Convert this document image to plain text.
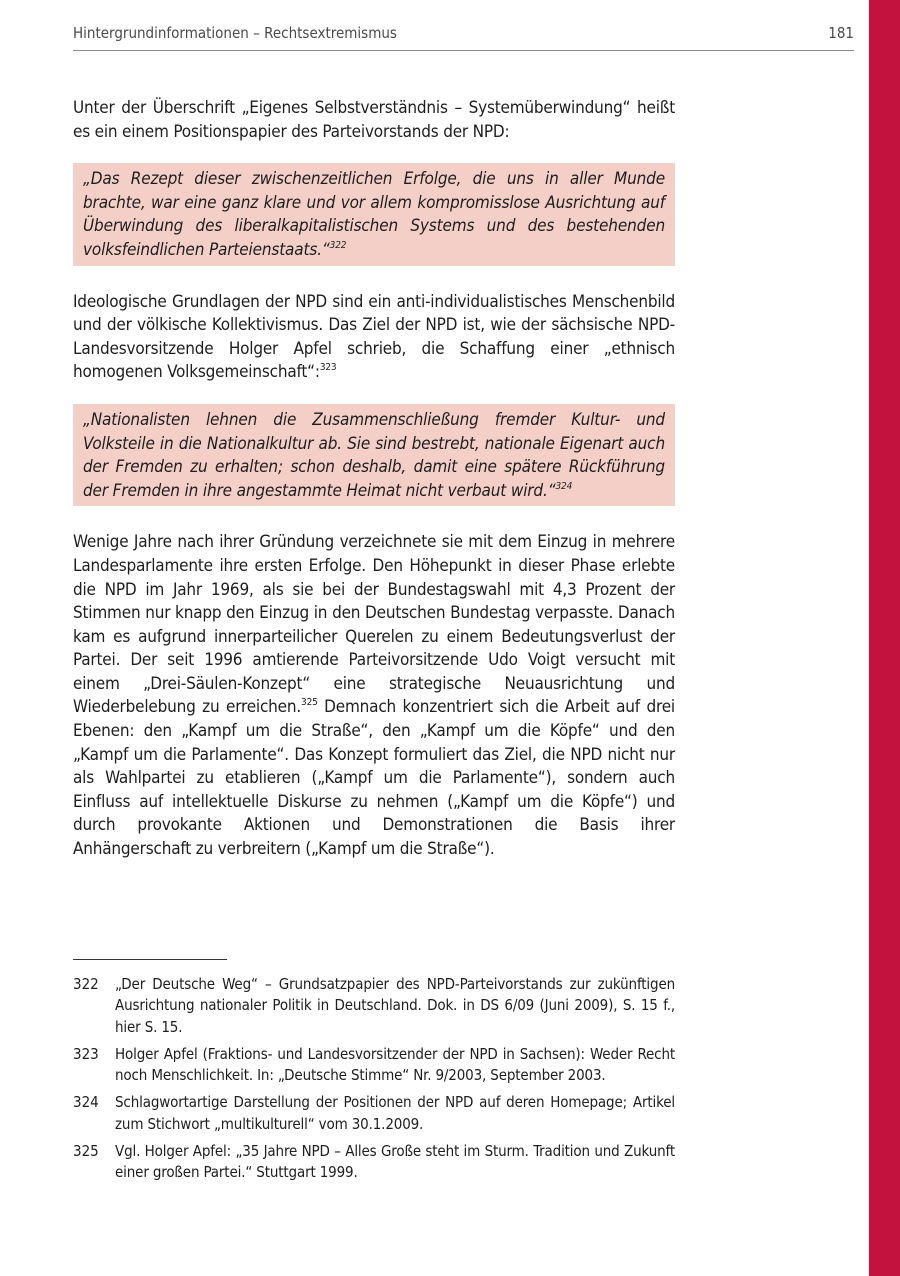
Hintergrundinformationen – Rechtsextremismus	181

Unter der Überschrift „Eigenes Selbstverständnis – Systemüberwindung“ heißt es ein einem Positionspapier des Parteivorstands der NPD:

„Das Rezept dieser zwischenzeitlichen Erfolge, die uns in aller Munde brachte, war eine ganz klare und vor allem kompromisslose Ausrichtung auf Überwindung des liberalkapitalistischen Systems und des bestehenden volksfeindlichen Parteienstaats.“$^{322}$

Ideologische Grundlagen der NPD sind ein anti-individualistisches Menschenbild und der völkische Kollektivismus. Das Ziel der NPD ist, wie der sächsische NPD-Landesvorsitzende Holger Apfel schrieb, die Schaffung einer „ethnisch homogenen Volksgemeinschaft“:$^{323}$

„Nationalisten lehnen die Zusammenschließung fremder Kultur- und Volksteile in die Nationalkultur ab. Sie sind bestrebt, nationale Eigenart auch der Fremden zu erhalten; schon deshalb, damit eine spätere Rückführung der Fremden in ihre angestammte Heimat nicht verbaut wird.“$^{324}$

Wenige Jahre nach ihrer Gründung verzeichnete sie mit dem Einzug in mehrere Landesparlamente ihre ersten Erfolge. Den Höhepunkt in dieser Phase erlebte die NPD im Jahr 1969, als sie bei der Bundestagswahl mit 4,3 Prozent der Stimmen nur knapp den Einzug in den Deutschen Bundestag verpasste. Danach kam es aufgrund innerparteilicher Querelen zu einem Bedeutungsverlust der Partei. Der seit 1996 amtierende Parteivorsitzende Udo Voigt versucht mit einem „Drei-Säulen-Konzept“ eine strategische Neuausrichtung und Wiederbelebung zu erreichen.$^{325}$ Demnach konzentriert sich die Arbeit auf drei Ebenen: den „Kampf um die Straße“, den „Kampf um die Köpfe“ und den „Kampf um die Parlamente“. Das Konzept formuliert das Ziel, die NPD nicht nur als Wahlpartei zu etablieren („Kampf um die Parlamente“), sondern auch Einfluss auf intellektuelle Diskurse zu nehmen („Kampf um die Köpfe“) und durch provokante Aktionen und Demonstrationen die Basis ihrer Anhängerschaft zu verbreitern („Kampf um die Straße“).

322	„Der Deutsche Weg“ – Grundsatzpapier des NPD-Parteivorstands zur zukünftigen Ausrichtung nationaler Politik in Deutschland. Dok. in DS 6/09 (Juni 2009), S. 15 f., hier S. 15.
323	Holger Apfel (Fraktions- und Landesvorsitzender der NPD in Sachsen): Weder Recht noch Menschlichkeit. In: „Deutsche Stimme“ Nr. 9/2003, September 2003.
324	Schlagwortartige Darstellung der Positionen der NPD auf deren Homepage; Artikel zum Stichwort „multikulturell“ vom 30.1.2009.
325	Vgl. Holger Apfel: „35 Jahre NPD – Alles Große steht im Sturm. Tradition und Zukunft einer großen Partei.“ Stuttgart 1999.
